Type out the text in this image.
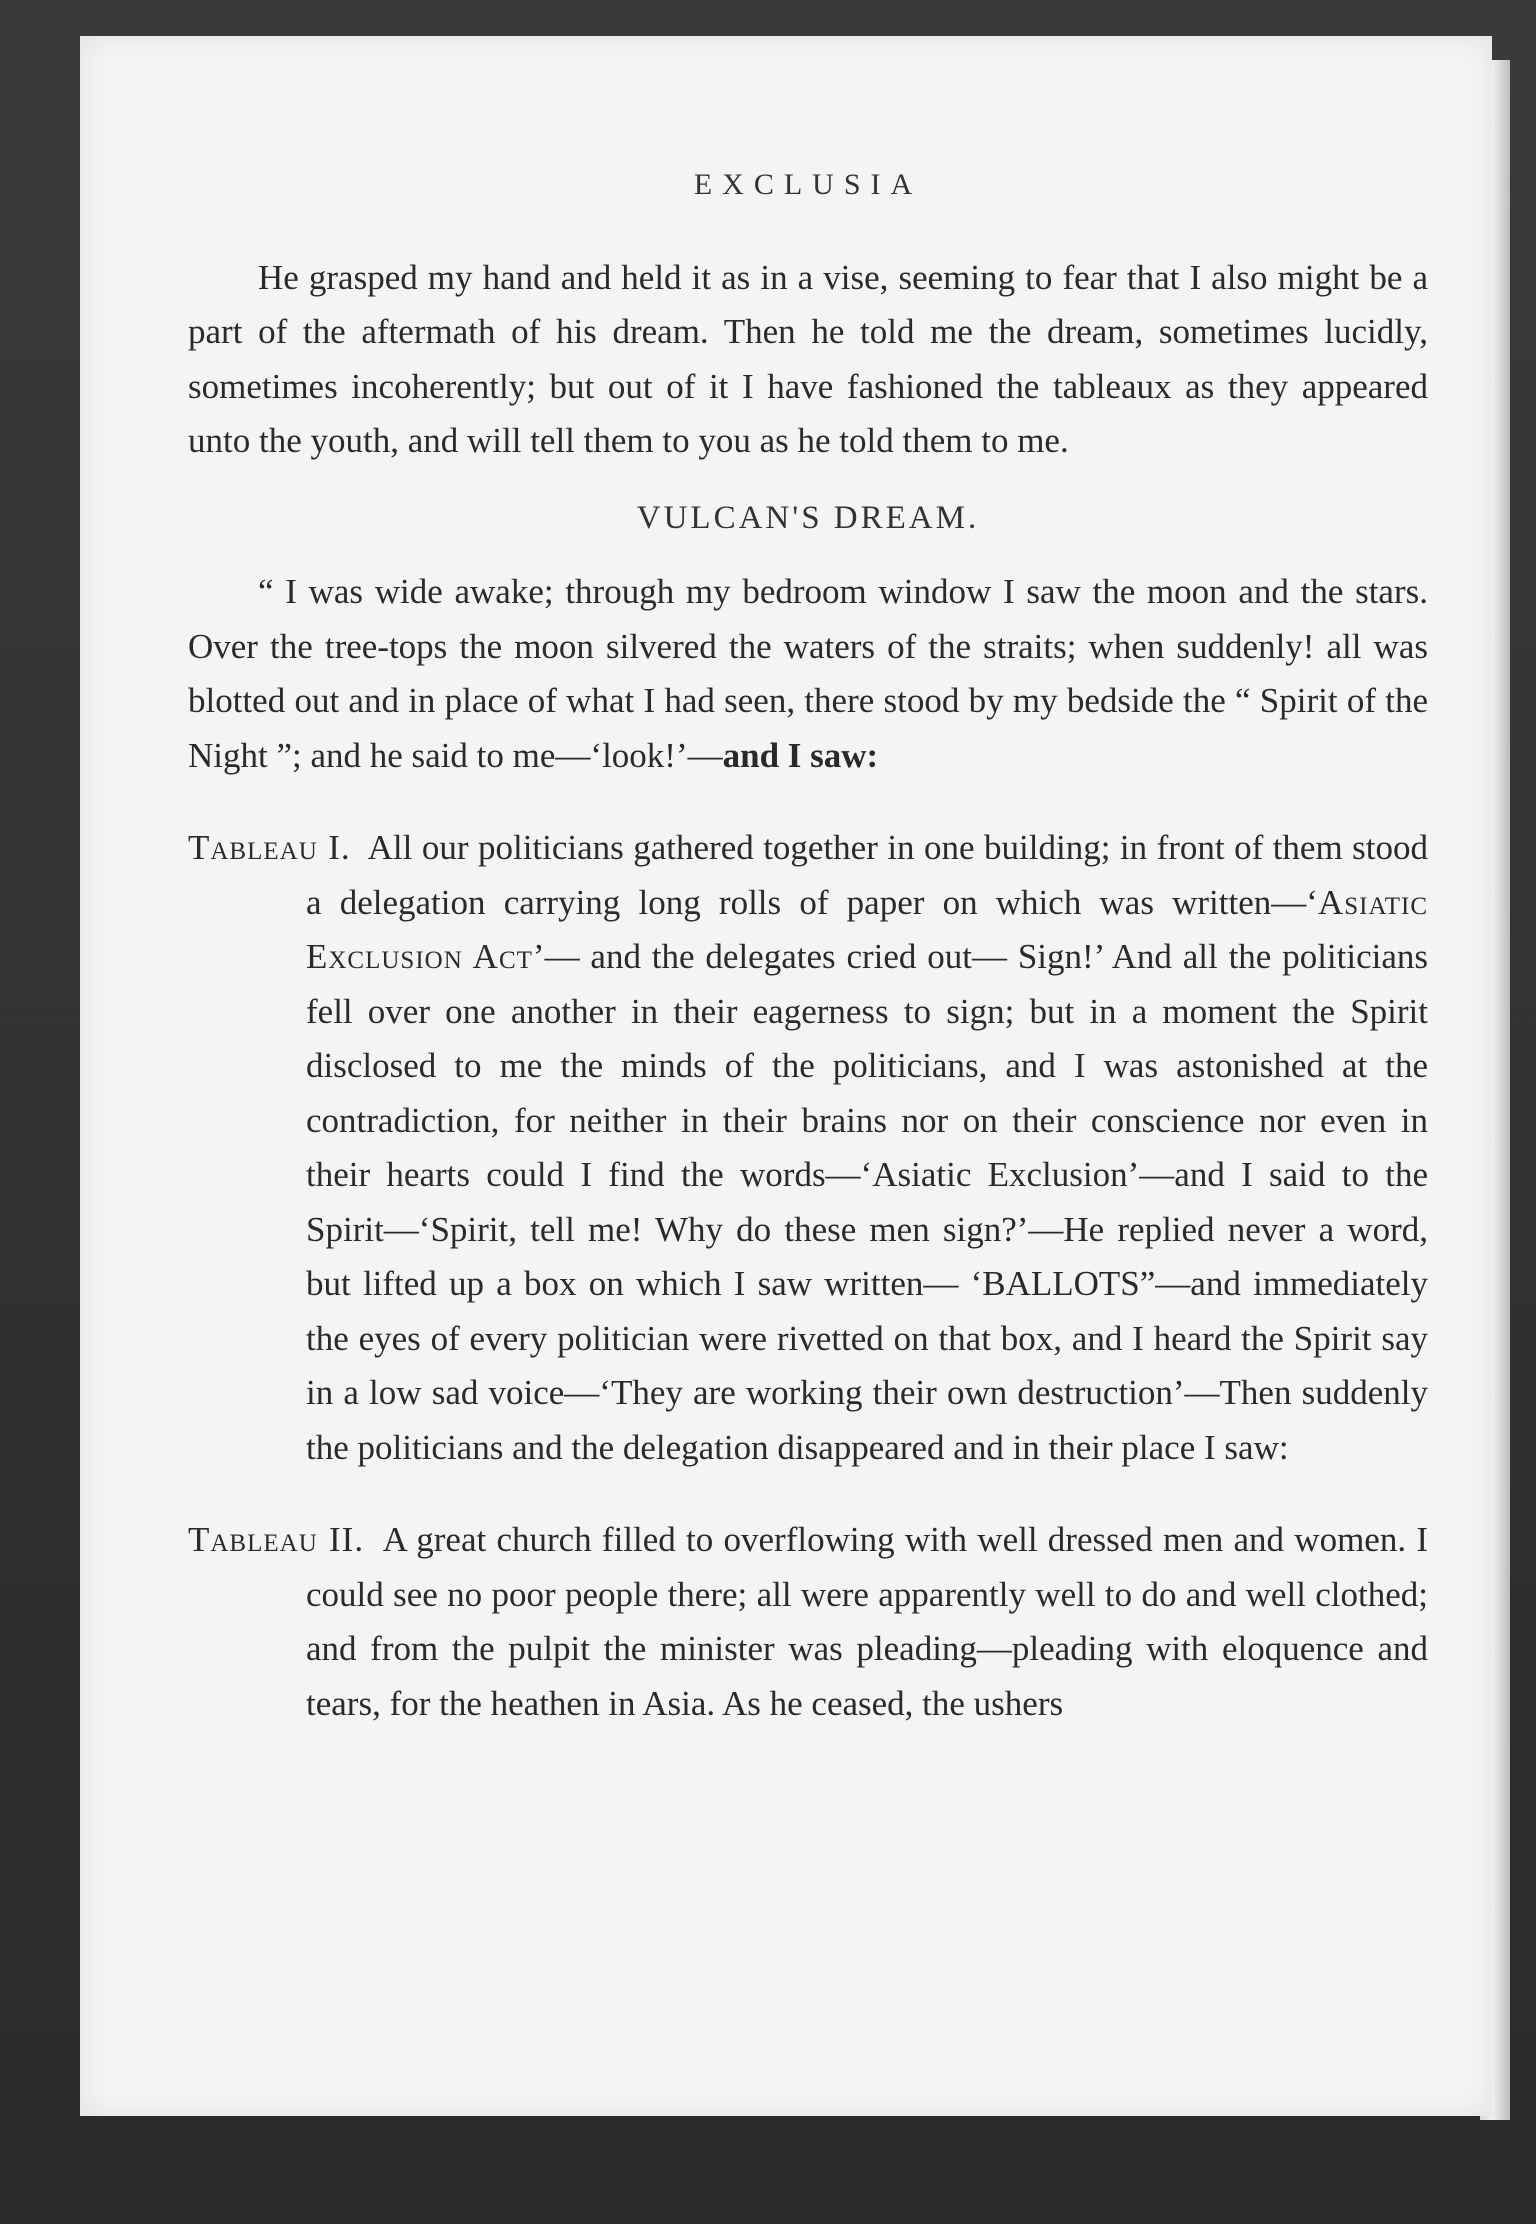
EXCLUSIA

He grasped my hand and held it as in a vise, seeming to fear that I also might be a part of the aftermath of his dream. Then he told me the dream, sometimes lucidly, sometimes incoherently; but out of it I have fashioned the tableaux as they appeared unto the youth, and will tell them to you as he told them to me.

VULCAN'S DREAM.

“ I was wide awake; through my bedroom window I saw the moon and the stars. Over the tree-tops the moon silvered the waters of the straits; when suddenly! all was blotted out and in place of what I had seen, there stood by my bedside the “ Spirit of the Night ”; and he said to me—‘look!’—and I saw:

Tableau I. All our politicians gathered together in one building; in front of them stood a delegation carrying long rolls of paper on which was written—‘Asiatic Exclusion Act’— and the delegates cried out— Sign!’ And all the politicians fell over one another in their eagerness to sign; but in a moment the Spirit disclosed to me the minds of the politicians, and I was astonished at the contradiction, for neither in their brains nor on their conscience nor even in their hearts could I find the words—‘Asiatic Exclusion’—and I said to the Spirit—‘Spirit, tell me! Why do these men sign?’—He replied never a word, but lifted up a box on which I saw written— ‘BALLOTS”—and immediately the eyes of every politician were rivetted on that box, and I heard the Spirit say in a low sad voice—‘They are working their own destruction’—Then suddenly the politicians and the delegation disappeared and in their place I saw:

Tableau II. A great church filled to overflowing with well dressed men and women. I could see no poor people there; all were apparently well to do and well clothed; and from the pulpit the minister was pleading—pleading with eloquence and tears, for the heathen in Asia. As he ceased, the ushers
